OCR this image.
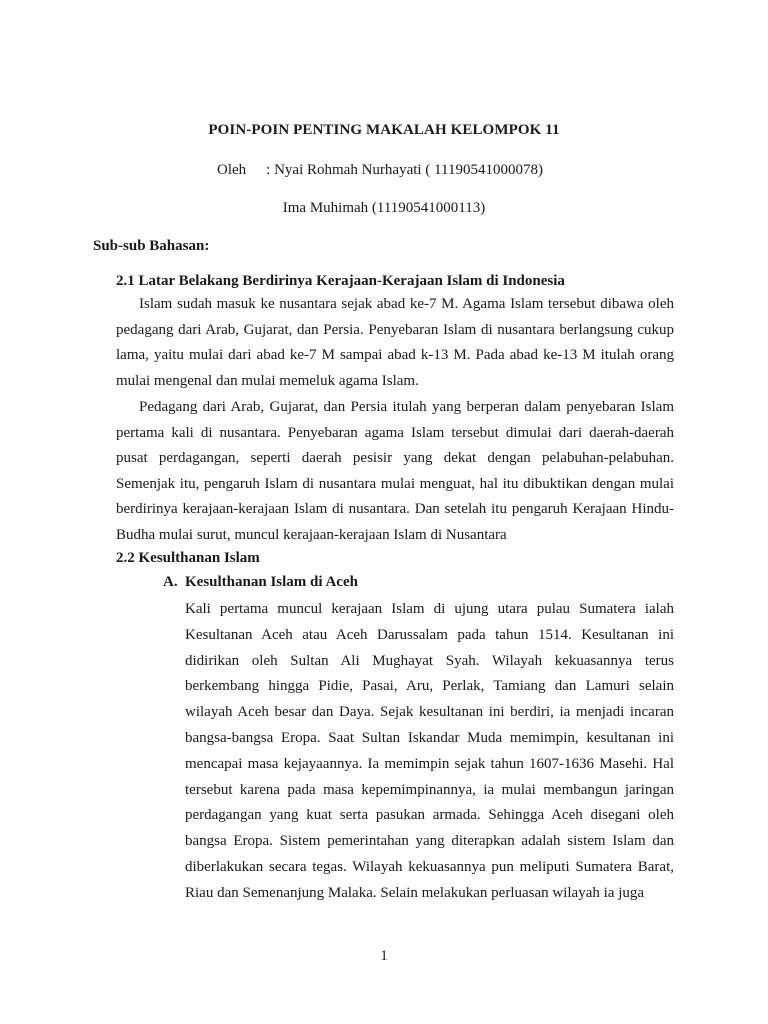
POIN-POIN PENTING MAKALAH KELOMPOK 11
Oleh : Nyai Rohmah Nurhayati ( 11190541000078)
Ima Muhimah (11190541000113)
Sub-sub Bahasan:
2.1 Latar Belakang Berdirinya Kerajaan-Kerajaan Islam di Indonesia

Islam sudah masuk ke nusantara sejak abad ke-7 M. Agama Islam tersebut dibawa oleh pedagang dari Arab, Gujarat, dan Persia. Penyebaran Islam di nusantara berlangsung cukup lama, yaitu mulai dari abad ke-7 M sampai abad k-13 M. Pada abad ke-13 M itulah orang mulai mengenal dan mulai memeluk agama Islam.

Pedagang dari Arab, Gujarat, dan Persia itulah yang berperan dalam penyebaran Islam pertama kali di nusantara. Penyebaran agama Islam tersebut dimulai dari daerah-daerah pusat perdagangan, seperti daerah pesisir yang dekat dengan pelabuhan-pelabuhan. Semenjak itu, pengaruh Islam di nusantara mulai menguat, hal itu dibuktikan dengan mulai berdirinya kerajaan-kerajaan Islam di nusantara. Dan setelah itu pengaruh Kerajaan Hindu- Budha mulai surut, muncul kerajaan-kerajaan Islam di Nusantara

2.2 Kesulthanan Islam
A. Kesulthanan Islam di Aceh

Kali pertama muncul kerajaan Islam di ujung utara pulau Sumatera ialah Kesultanan Aceh atau Aceh Darussalam pada tahun 1514. Kesultanan ini didirikan oleh Sultan Ali Mughayat Syah. Wilayah kekuasannya terus berkembang hingga Pidie, Pasai, Aru, Perlak, Tamiang dan Lamuri selain wilayah Aceh besar dan Daya. Sejak kesultanan ini berdiri, ia menjadi incaran bangsa-bangsa Eropa. Saat Sultan Iskandar Muda memimpin, kesultanan ini mencapai masa kejayaannya. Ia memimpin sejak tahun 1607-1636 Masehi. Hal tersebut karena pada masa kepemimpinannya, ia mulai membangun jaringan perdagangan yang kuat serta pasukan armada. Sehingga Aceh disegani oleh bangsa Eropa. Sistem pemerintahan yang diterapkan adalah sistem Islam dan diberlakukan secara tegas. Wilayah kekuasannya pun meliputi Sumatera Barat, Riau dan Semenanjung Malaka. Selain melakukan perluasan wilayah ia juga

1
